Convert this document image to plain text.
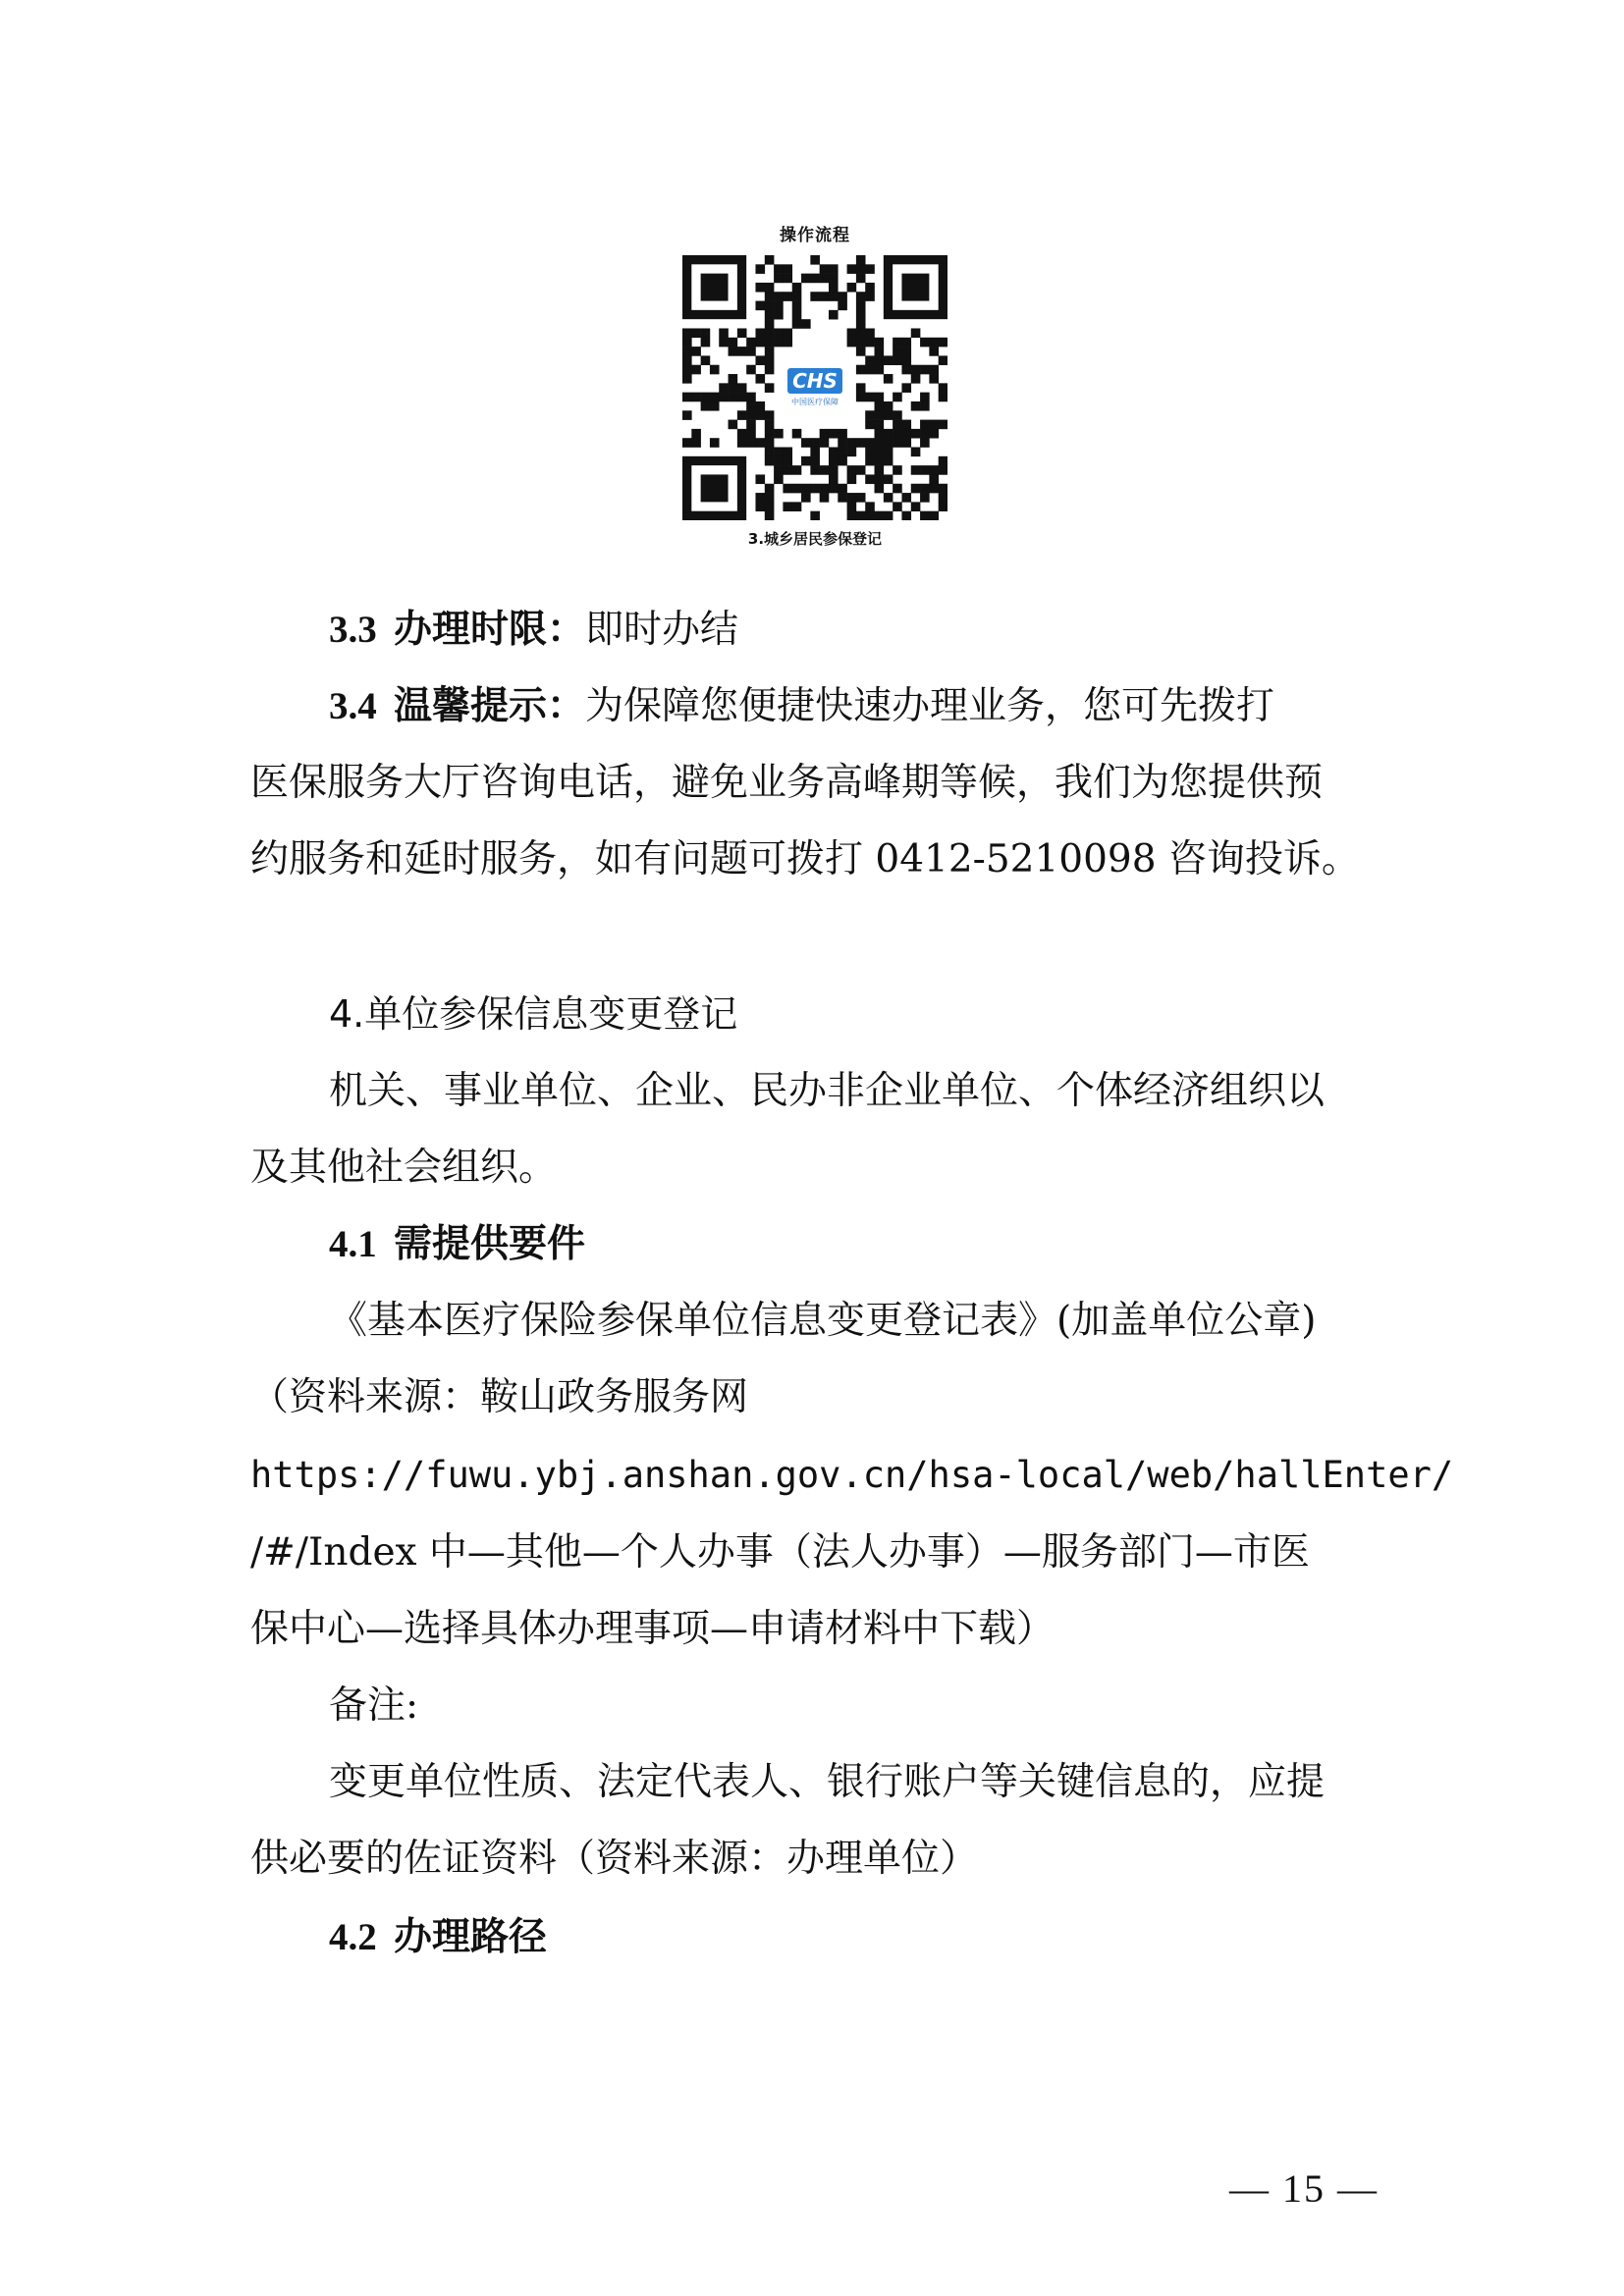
操作流程
CHS
中国医疗保障
3.城乡居民参保登记
3.3 办理时限：即时办结
3.4 温馨提示：为保障您便捷快速办理业务，您可先拨打
医保服务大厅咨询电话，避免业务高峰期等候，我们为您提供预
约服务和延时服务，如有问题可拨打 0412-5210098 咨询投诉。
4.单位参保信息变更登记
机关、事业单位、企业、民办非企业单位、个体经济组织以
及其他社会组织。
4.1 需提供要件
《基本医疗保险参保单位信息变更登记表》(加盖单位公章)
（资料来源：鞍山政务服务网
https://fuwu.ybj.anshan.gov.cn/hsa-local/web/hallEnter/
/#/Index 中—其他—个人办事（法人办事）—服务部门—市医
保中心—选择具体办理事项—申请材料中下载）
备注:
变更单位性质、法定代表人、银行账户等关键信息的，应提
供必要的佐证资料（资料来源：办理单位）
4.2 办理路径
— 15 —
